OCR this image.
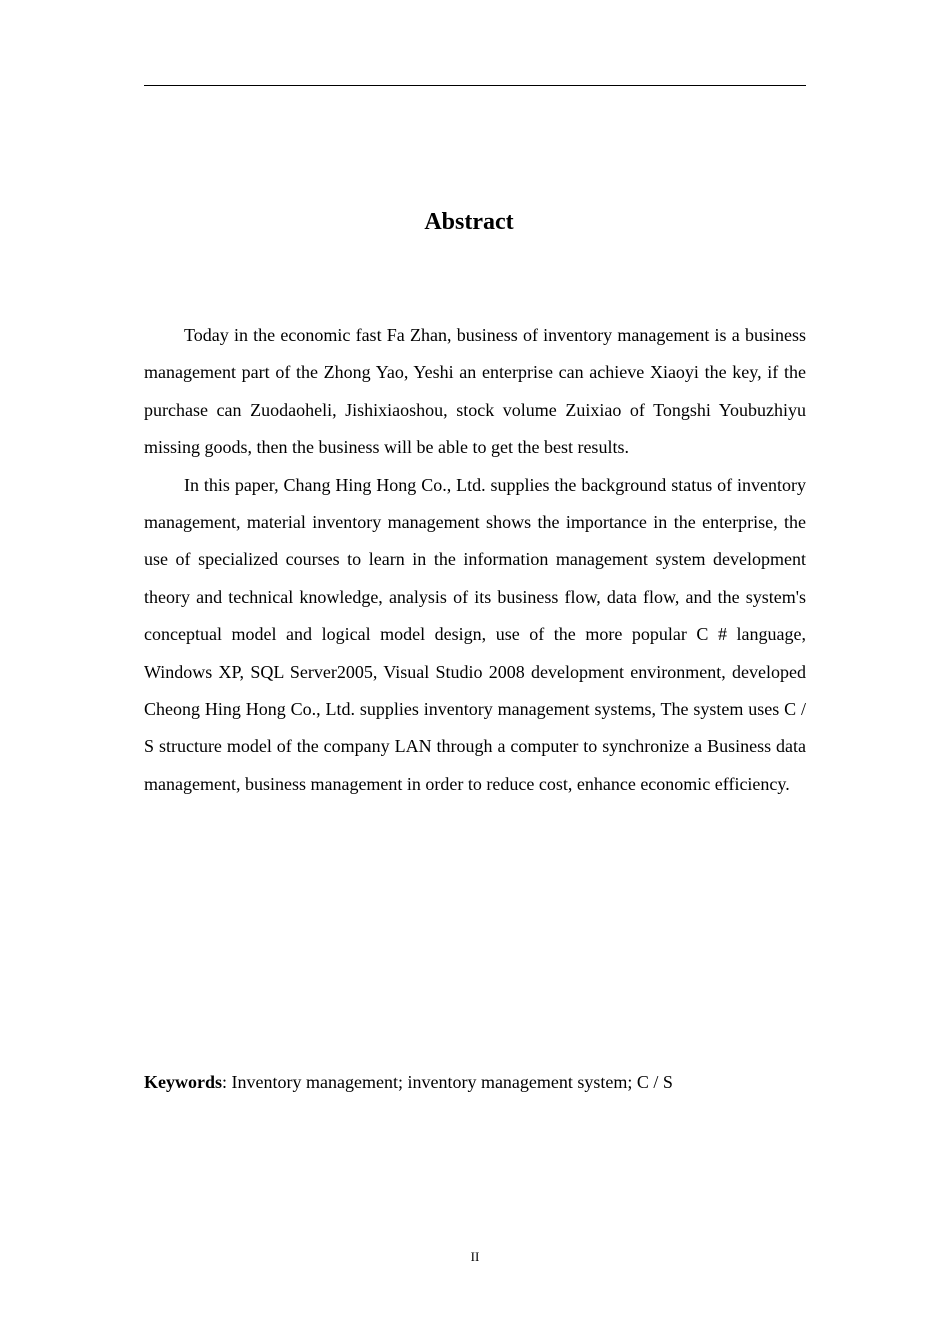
Abstract

Today in the economic fast Fa Zhan, business of inventory management is a business management part of the Zhong Yao, Yeshi an enterprise can achieve Xiaoyi the key, if the purchase can Zuodaoheli, Jishixiaoshou, stock volume Zuixiao of Tongshi Youbuzhiyu missing goods, then the business will be able to get the best results.

In this paper, Chang Hing Hong Co., Ltd. supplies the background status of inventory management, material inventory management shows the importance in the enterprise, the use of specialized courses to learn in the information management system development theory and technical knowledge, analysis of its business flow, data flow, and the system's conceptual model and logical model design, use of the more popular C # language, Windows XP, SQL Server2005, Visual Studio 2008 development environment, developed Cheong Hing Hong Co., Ltd. supplies inventory management systems, The system uses C / S structure model of the company LAN through a computer to synchronize a Business data management, business management in order to reduce cost, enhance economic efficiency.

Keywords: Inventory management; inventory management system; C / S

II
